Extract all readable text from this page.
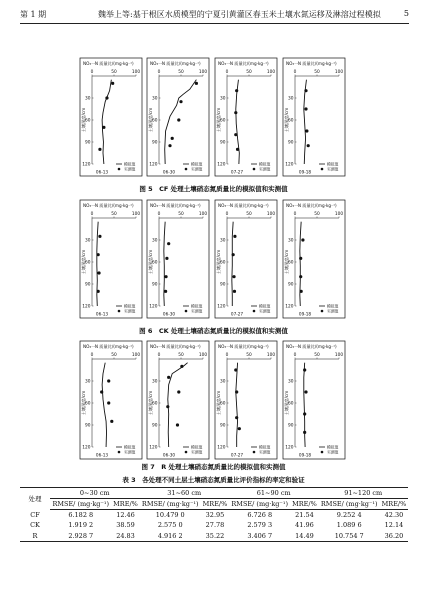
第 1 期	魏举上等:基于根区水质模型的宁夏引黄灌区春玉米土壤水氮运移及淋溶过程模拟	5
NO₃⁻-N 质量比/(mg·kg⁻¹)
0	50	100
30
60
90
120
土壤深度/cm
模拟值
实测值
06-13
NO₃⁻-N 质量比/(mg·kg⁻¹)
0	50	100
30
60
90
120
土壤深度/cm
模拟值
实测值
06-30
NO₃⁻-N 质量比/(mg·kg⁻¹)
0	50	100
30
60
90
120
土壤深度/cm
模拟值
实测值
07-27
NO₃⁻-N 质量比/(mg·kg⁻¹)
0	50	100
30
60
90
120
土壤深度/cm
模拟值
实测值
09-18
图 5　CF 处理土壤硝态氮质量比的模拟值和实测值
NO₃⁻-N 质量比/(mg·kg⁻¹)
0	50	100
30
60
90
120
土壤深度/cm
模拟值
实测值
06-13
NO₃⁻-N 质量比/(mg·kg⁻¹)
0	50	100
30
60
90
120
土壤深度/cm
模拟值
实测值
06-30
NO₃⁻-N 质量比/(mg·kg⁻¹)
0	50	100
30
60
90
120
土壤深度/cm
模拟值
实测值
07-27
NO₃⁻-N 质量比/(mg·kg⁻¹)
0	50	100
30
60
90
120
土壤深度/cm
模拟值
实测值
09-18
图 6　CK 处理土壤硝态氮质量比的模拟值和实测值
NO₃⁻-N 质量比/(mg·kg⁻¹)
0	50	100
30
60
90
120
土壤深度/cm
模拟值
实测值
06-13
NO₃⁻-N 质量比/(mg·kg⁻¹)
0	50	100
30
60
90
120
土壤深度/cm
模拟值
实测值
06-30
NO₃⁻-N 质量比/(mg·kg⁻¹)
0	50	100
30
60
90
120
土壤深度/cm
模拟值
实测值
07-27
NO₃⁻-N 质量比/(mg·kg⁻¹)
0	50	100
30
60
90
120
土壤深度/cm
模拟值
实测值
09-18
图 7　R 处理土壤硝态氮质量比的模拟值和实测值
表 3　各处理不同土层土壤硝态氮质量比评价指标的率定和验证
处理	0~30 cm		31~60 cm		61~90 cm		91~120 cm	
	RMSE/ (mg·kg⁻¹)	MRE/%	RMSE/ (mg·kg⁻¹)	MRE/%	RMSE/ (mg·kg⁻¹)	MRE/%	RMSE/ (mg·kg⁻¹)	MRE/%
CF	6.182 8	12.46	10.479 0	32.95	6.726 8	21.54	9.252 4	42.30
CK	1.919 2	38.59	2.575 0	27.78	2.579 3	41.96	1.089 6	12.14
R	2.928 7	24.83	4.916 2	35.22	3.406 7	14.49	10.754 7	36.20
